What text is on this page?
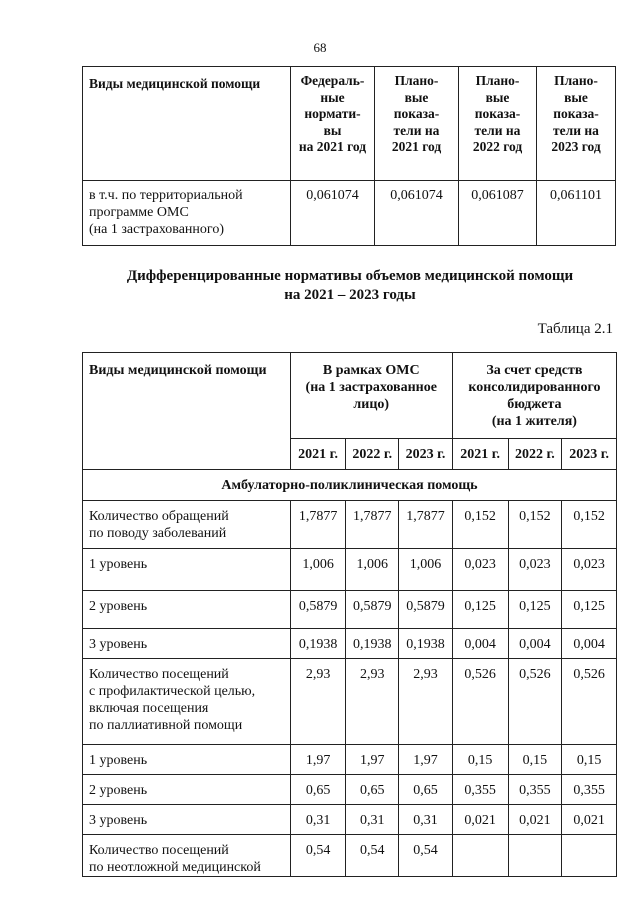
68
Виды медицинской помощи	Федераль-
ные
нормати-
вы
на 2021 год	Плано-
вые
показа-
тели на
2021 год	Плано-
вые
показа-
тели на
2022 год	Плано-
вые
показа-
тели на
2023 год
в т.ч. по территориальной
программе ОМС
(на 1 застрахованного)	0,061074	0,061074	0,061087	0,061101
Дифференцированные нормативы объемов медицинской помощи
на 2021 – 2023 годы
Таблица 2.1
Виды медицинской помощи	В рамках ОМС
(на 1 застрахованное
лицо)			За счет средств
консолидированного
бюджета
(на 1 жителя)		
	2021 г.	2022 г.	2023 г.	2021 г.	2022 г.	2023 г.
Амбулаторно-поликлиническая помощь						
Количество обращений
по поводу заболеваний	1,7877	1,7877	1,7877	0,152	0,152	0,152
1 уровень	1,006	1,006	1,006	0,023	0,023	0,023
2 уровень	0,5879	0,5879	0,5879	0,125	0,125	0,125
3 уровень	0,1938	0,1938	0,1938	0,004	0,004	0,004
Количество посещений
с профилактической целью,
включая посещения
по паллиативной помощи	2,93	2,93	2,93	0,526	0,526	0,526
1 уровень	1,97	1,97	1,97	0,15	0,15	0,15
2 уровень	0,65	0,65	0,65	0,355	0,355	0,355
3 уровень	0,31	0,31	0,31	0,021	0,021	0,021
Количество посещений
по неотложной медицинской	0,54	0,54	0,54			
